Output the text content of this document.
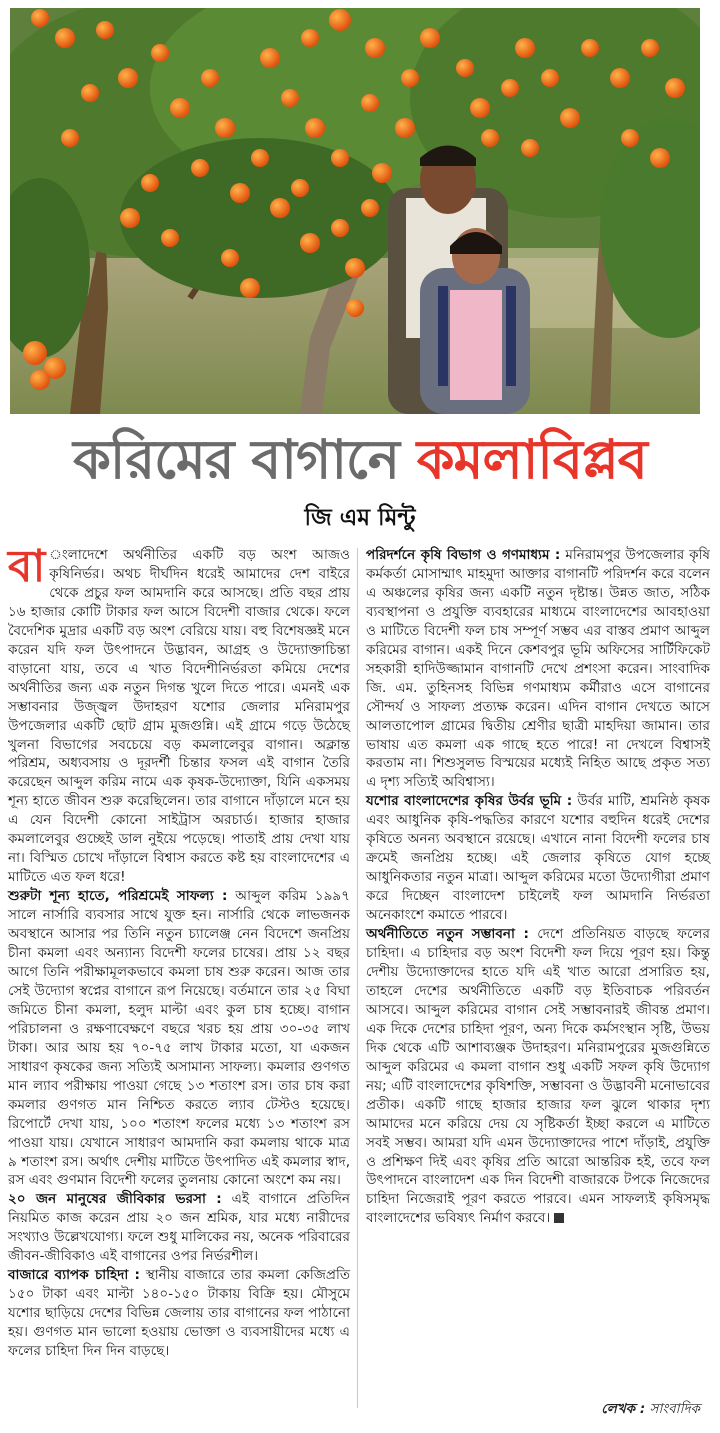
করিমের বাগানে কমলাবিপ্লব
জি এম মিন্টু

বা ংলাদেশে অর্থনীতির একটি বড় অংশ আজও কৃষিনির্ভর। অথচ দীর্ঘদিন ধরেই আমাদের দেশ বাইরে থেকে প্রচুর ফল আমদানি করে আসছে। প্রতি বছর প্রায় ১৬ হাজার কোটি টাকার ফল আসে বিদেশী বাজার থেকে। ফলে বৈদেশিক মুদ্রার একটি বড় অংশ বেরিয়ে যায়। বহু বিশেষজ্ঞই মনে করেন যদি ফল উৎপাদনে উদ্ভাবন, আগ্রহ ও উদ্যোক্তাচিন্তা বাড়ানো যায়, তবে এ খাত বিদেশীনির্ভরতা কমিয়ে দেশের অর্থনীতির জন্য এক নতুন দিগন্ত খুলে দিতে পারে। এমনই এক সম্ভাবনার উজ্জ্বল উদাহরণ যশোর জেলার মনিরামপুর উপজেলার একটি ছোট গ্রাম মুজগুন্নি। এই গ্রামে গড়ে উঠেছে খুলনা বিভাগের সবচেয়ে বড় কমলালেবুর বাগান। অক্লান্ত পরিশ্রম, অধ্যবসায় ও দূরদর্শী চিন্তার ফসল এই বাগান তৈরি করেছেন আব্দুল করিম নামে এক কৃষক-উদ্যোক্তা, যিনি একসময় শূন্য হাতে জীবন শুরু করেছিলেন। তার বাগানে দাঁড়ালে মনে হয় এ যেন বিদেশী কোনো সাইট্রাস অরচার্ড। হাজার হাজার কমলালেবুর গুচ্ছেই ডাল নুইয়ে পড়েছে। পাতাই প্রায় দেখা যায় না। বিস্মিত চোখে দাঁড়ালে বিশ্বাস করতে কষ্ট হয় বাংলাদেশের এ মাটিতে এত ফল ধরে!

শুরুটা শূন্য হাতে, পরিশ্রমেই সাফল্য : আব্দুল করিম ১৯৯৭ সালে নার্সারি ব্যবসার সাথে যুক্ত হন। নার্সারি থেকে লাভজনক অবস্থানে আসার পর তিনি নতুন চ্যালেঞ্জ নেন বিদেশে জনপ্রিয় চীনা কমলা এবং অন্যান্য বিদেশী ফলের চাষের। প্রায় ১২ বছর আগে তিনি পরীক্ষামূলকভাবে কমলা চাষ শুরু করেন। আজ তার সেই উদ্যোগ স্বপ্নের বাগানে রূপ নিয়েছে। বর্তমানে তার ২৫ বিঘা জমিতে চীনা কমলা, হলুদ মাল্টা এবং কুল চাষ হচ্ছে। বাগান পরিচালনা ও রক্ষণাবেক্ষণে বছরে খরচ হয় প্রায় ৩০-৩৫ লাখ টাকা। আর আয় হয় ৭০-৭৫ লাখ টাকার মতো, যা একজন সাধারণ কৃষকের জন্য সত্যিই অসামান্য সাফল্য। কমলার গুণগত মান ল্যাব পরীক্ষায় পাওয়া গেছে ১৩ শতাংশ রস। তার চাষ করা কমলার গুণগত মান নিশ্চিত করতে ল্যাব টেস্টও হয়েছে। রিপোর্টে দেখা যায়, ১০০ শতাংশ ফলের মধ্যে ১৩ শতাংশ রস পাওয়া যায়। যেখানে সাধারণ আমদানি করা কমলায় থাকে মাত্র ৯ শতাংশ রস। অর্থাৎ দেশীয় মাটিতে উৎপাদিত এই কমলার স্বাদ, রস এবং গুণমান বিদেশী ফলের তুলনায় কোনো অংশে কম নয়।

২০ জন মানুষের জীবিকার ভরসা : এই বাগানে প্রতিদিন নিয়মিত কাজ করেন প্রায় ২০ জন শ্রমিক, যার মধ্যে নারীদের সংখ্যাও উল্লেখযোগ্য। ফলে শুধু মালিকের নয়, অনেক পরিবারের জীবন-জীবিকাও এই বাগানের ওপর নির্ভরশীল।

বাজারে ব্যাপক চাহিদা : স্থানীয় বাজারে তার কমলা কেজিপ্রতি ১৫০ টাকা এবং মাল্টা ১৪০-১৫০ টাকায় বিক্রি হয়। মৌসুমে যশোর ছাড়িয়ে দেশের বিভিন্ন জেলায় তার বাগানের ফল পাঠানো হয়। গুণগত মান ভালো হওয়ায় ভোক্তা ও ব্যবসায়ীদের মধ্যে এ ফলের চাহিদা দিন দিন বাড়ছে।

পরিদর্শনে কৃষি বিভাগ ও গণমাধ্যম : মনিরামপুর উপজেলার কৃষি কর্মকর্তা মোসাম্মাৎ মাহমুদা আক্তার বাগানটি পরিদর্শন করে বলেন এ অঞ্চলের কৃষির জন্য একটি নতুন দৃষ্টান্ত। উন্নত জাত, সঠিক ব্যবস্থাপনা ও প্রযুক্তি ব্যবহারের মাধ্যমে বাংলাদেশের আবহাওয়া ও মাটিতে বিদেশী ফল চাষ সম্পূর্ণ সম্ভব এর বাস্তব প্রমাণ আব্দুল করিমের বাগান। একই দিনে কেশবপুর ভূমি অফিসের সার্টিফিকেট সহকারী হাদিউজ্জামান বাগানটি দেখে প্রশংসা করেন। সাংবাদিক জি. এম. তুহিনসহ বিভিন্ন গণমাধ্যম কর্মীরাও এসে বাগানের সৌন্দর্য ও সাফল্য প্রত্যক্ষ করেন। এদিন বাগান দেখতে আসে আলতাপোল গ্রামের দ্বিতীয় শ্রেণীর ছাত্রী মাহদিয়া জামান। তার ভাষায় এত কমলা এক গাছে হতে পারে! না দেখলে বিশ্বাসই করতাম না। শিশুসুলভ বিস্ময়ের মধ্যেই নিহিত আছে প্রকৃত সত্য এ দৃশ্য সত্যিই অবিশ্বাস্য।

যশোর বাংলাদেশের কৃষির উর্বর ভূমি : উর্বর মাটি, শ্রমনিষ্ঠ কৃষক এবং আধুনিক কৃষি-পদ্ধতির কারণে যশোর বহুদিন ধরেই দেশের কৃষিতে অনন্য অবস্থানে রয়েছে। এখানে নানা বিদেশী ফলের চাষ ক্রমেই জনপ্রিয় হচ্ছে। এই জেলার কৃষিতে যোগ হচ্ছে আধুনিকতার নতুন মাত্রা। আব্দুল করিমের মতো উদ্যোগীরা প্রমাণ করে দিচ্ছেন বাংলাদেশ চাইলেই ফল আমদানি নির্ভরতা অনেকাংশে কমাতে পারবে।

অর্থনীতিতে নতুন সম্ভাবনা : দেশে প্রতিনিয়ত বাড়ছে ফলের চাহিদা। এ চাহিদার বড় অংশ বিদেশী ফল দিয়ে পূরণ হয়। কিন্তু দেশীয় উদ্যোক্তাদের হাতে যদি এই খাত আরো প্রসারিত হয়, তাহলে দেশের অর্থনীতিতে একটি বড় ইতিবাচক পরিবর্তন আসবে। আব্দুল করিমের বাগান সেই সম্ভাবনারই জীবন্ত প্রমাণ। এক দিকে দেশের চাহিদা পূরণ, অন্য দিকে কর্মসংস্থান সৃষ্টি, উভয় দিক থেকে এটি আশাব্যঞ্জক উদাহরণ। মনিরামপুরের মুজগুন্নিতে আব্দুল করিমের এ কমলা বাগান শুধু একটি সফল কৃষি উদ্যোগ নয়; এটি বাংলাদেশের কৃষিশক্তি, সম্ভাবনা ও উদ্ভাবনী মনোভাবের প্রতীক। একটি গাছে হাজার হাজার ফল ঝুলে থাকার দৃশ্য আমাদের মনে করিয়ে দেয় যে সৃষ্টিকর্তা ইচ্ছা করলে এ মাটিতে সবই সম্ভব। আমরা যদি এমন উদ্যোক্তাদের পাশে দাঁড়াই, প্রযুক্তি ও প্রশিক্ষণ দিই এবং কৃষির প্রতি আরো আন্তরিক হই, তবে ফল উৎপাদনে বাংলাদেশ এক দিন বিদেশী বাজারকে টপকে নিজেদের চাহিদা নিজেরাই পূরণ করতে পারবে। এমন সাফল্যই কৃষিসমৃদ্ধ বাংলাদেশের ভবিষ্যৎ নির্মাণ করবে।

লেখক : সাংবাদিক
